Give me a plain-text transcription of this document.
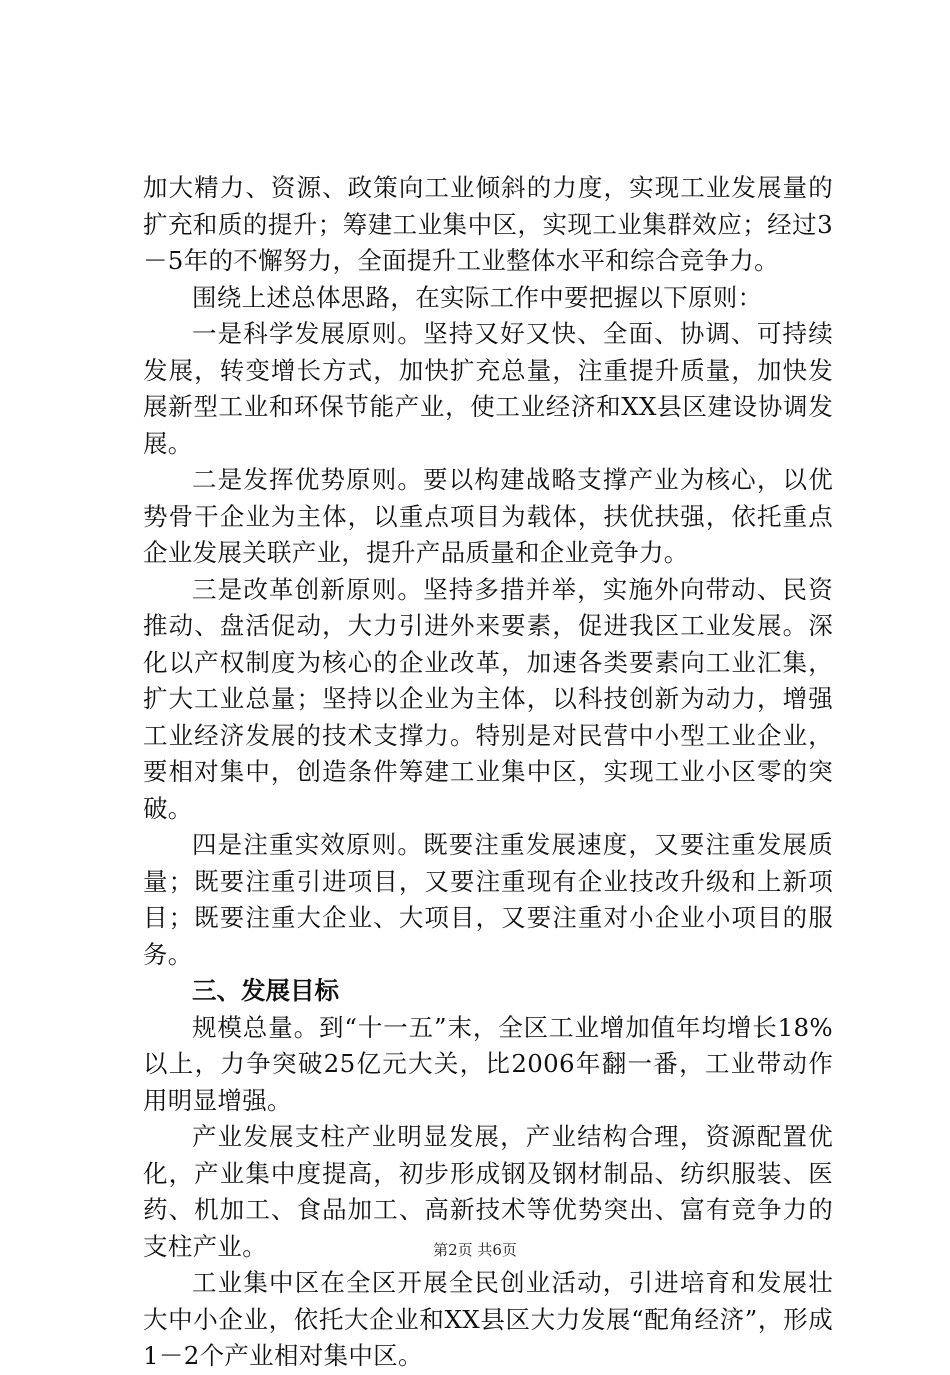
加大精力、资源、政策向工业倾斜的力度，实现工业发展量的扩充和质的提升；筹建工业集中区，实现工业集群效应；经过3－5年的不懈努力，全面提升工业整体水平和综合竞争力。

围绕上述总体思路，在实际工作中要把握以下原则：

一是科学发展原则。坚持又好又快、全面、协调、可持续发展，转变增长方式，加快扩充总量，注重提升质量，加快发展新型工业和环保节能产业，使工业经济和XX县区建设协调发展。

二是发挥优势原则。要以构建战略支撑产业为核心，以优势骨干企业为主体，以重点项目为载体，扶优扶强，依托重点企业发展关联产业，提升产品质量和企业竞争力。

三是改革创新原则。坚持多措并举，实施外向带动、民资推动、盘活促动，大力引进外来要素，促进我区工业发展。深化以产权制度为核心的企业改革，加速各类要素向工业汇集，扩大工业总量；坚持以企业为主体，以科技创新为动力，增强工业经济发展的技术支撑力。特别是对民营中小型工业企业，要相对集中，创造条件筹建工业集中区，实现工业小区零的突破。

四是注重实效原则。既要注重发展速度，又要注重发展质量；既要注重引进项目，又要注重现有企业技改升级和上新项目；既要注重大企业、大项目，又要注重对小企业小项目的服务。

三、发展目标

规模总量。到“十一五”末，全区工业增加值年均增长18%以上，力争突破25亿元大关，比2006年翻一番，工业带动作用明显增强。

产业发展支柱产业明显发展，产业结构合理，资源配置优化，产业集中度提高，初步形成钢及钢材制品、纺织服装、医药、机加工、食品加工、高新技术等优势突出、富有竞争力的支柱产业。

工业集中区在全区开展全民创业活动，引进培育和发展壮大中小企业，依托大企业和XX县区大力发展“配角经济”，形成1－2个产业相对集中区。

第2页 共6页
